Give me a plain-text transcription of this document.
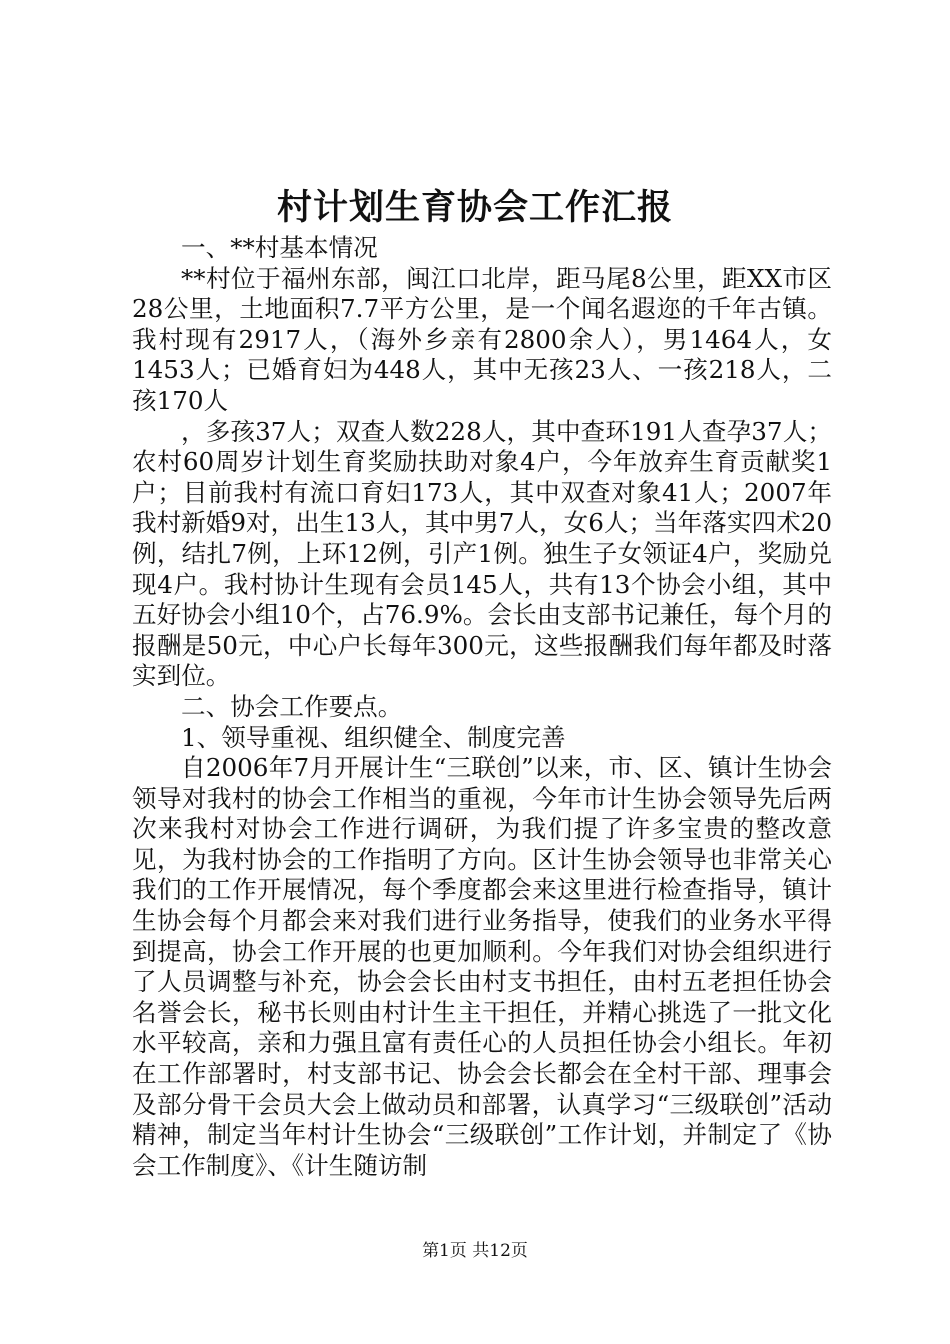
村计划生育协会工作汇报

一、**村基本情况

**村位于福州东部，闽江口北岸，距马尾8公里，距XX市区28公里，土地面积7.7平方公里，是一个闻名遐迩的千年古镇。我村现有2917人，（海外乡亲有2800余人），男1464人，女1453人；已婚育妇为448人，其中无孩23人、一孩218人，二孩170人

，多孩37人；双查人数228人，其中查环191人查孕37人；农村60周岁计划生育奖励扶助对象4户，今年放弃生育贡献奖1户；目前我村有流口育妇173人，其中双查对象41人；2007年我村新婚9对，出生13人，其中男7人，女6人；当年落实四术20例，结扎7例，上环12例，引产1例。独生子女领证4户，奖励兑现4户。我村协计生现有会员145人，共有13个协会小组，其中五好协会小组10个，占76.9%。会长由支部书记兼任，每个月的报酬是50元，中心户长每年300元，这些报酬我们每年都及时落实到位。

二、协会工作要点。

1、领导重视、组织健全、制度完善

自2006年7月开展计生“三联创”以来，市、区、镇计生协会领导对我村的协会工作相当的重视，今年市计生协会领导先后两次来我村对协会工作进行调研，为我们提了许多宝贵的整改意见，为我村协会的工作指明了方向。区计生协会领导也非常关心我们的工作开展情况，每个季度都会来这里进行检查指导，镇计生协会每个月都会来对我们进行业务指导，使我们的业务水平得到提高，协会工作开展的也更加顺利。今年我们对协会组织进行了人员调整与补充，协会会长由村支书担任，由村五老担任协会名誉会长，秘书长则由村计生主干担任，并精心挑选了一批文化水平较高，亲和力强且富有责任心的人员担任协会小组长。年初在工作部署时，村支部书记、协会会长都会在全村干部、理事会及部分骨干会员大会上做动员和部署，认真学习“三级联创”活动精神，制定当年村计生协会“三级联创”工作计划，并制定了《协会工作制度》、《计生随访制

第1页 共12页
